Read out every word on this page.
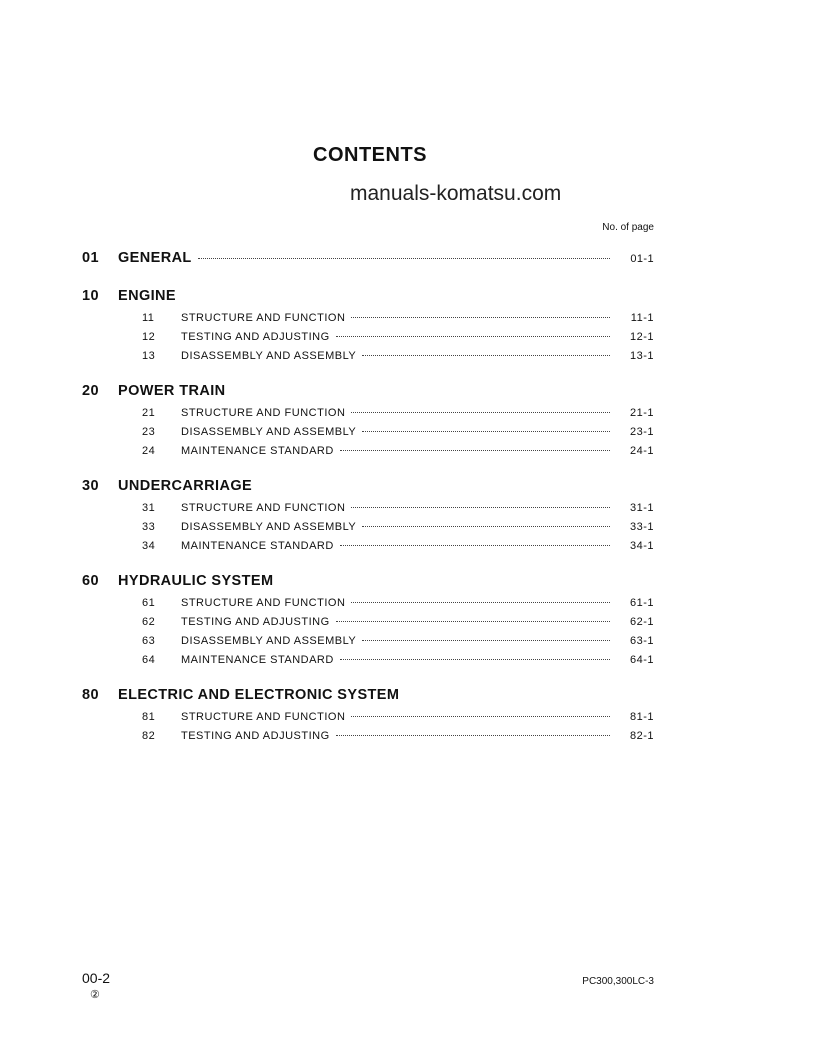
CONTENTS
manuals-komatsu.com
No. of page
01	GENERAL	01-1
10	ENGINE
11	STRUCTURE AND FUNCTION	11-1
12	TESTING AND ADJUSTING	12-1
13	DISASSEMBLY AND ASSEMBLY	13-1
20	POWER TRAIN
21	STRUCTURE AND FUNCTION	21-1
23	DISASSEMBLY AND ASSEMBLY	23-1
24	MAINTENANCE STANDARD	24-1
30	UNDERCARRIAGE
31	STRUCTURE AND FUNCTION	31-1
33	DISASSEMBLY AND ASSEMBLY	33-1
34	MAINTENANCE STANDARD	34-1
60	HYDRAULIC SYSTEM
61	STRUCTURE AND FUNCTION	61-1
62	TESTING AND ADJUSTING	62-1
63	DISASSEMBLY AND ASSEMBLY	63-1
64	MAINTENANCE STANDARD	64-1
80	ELECTRIC AND ELECTRONIC SYSTEM
81	STRUCTURE AND FUNCTION	81-1
82	TESTING AND ADJUSTING	82-1
00-2
②
PC300,300LC-3
